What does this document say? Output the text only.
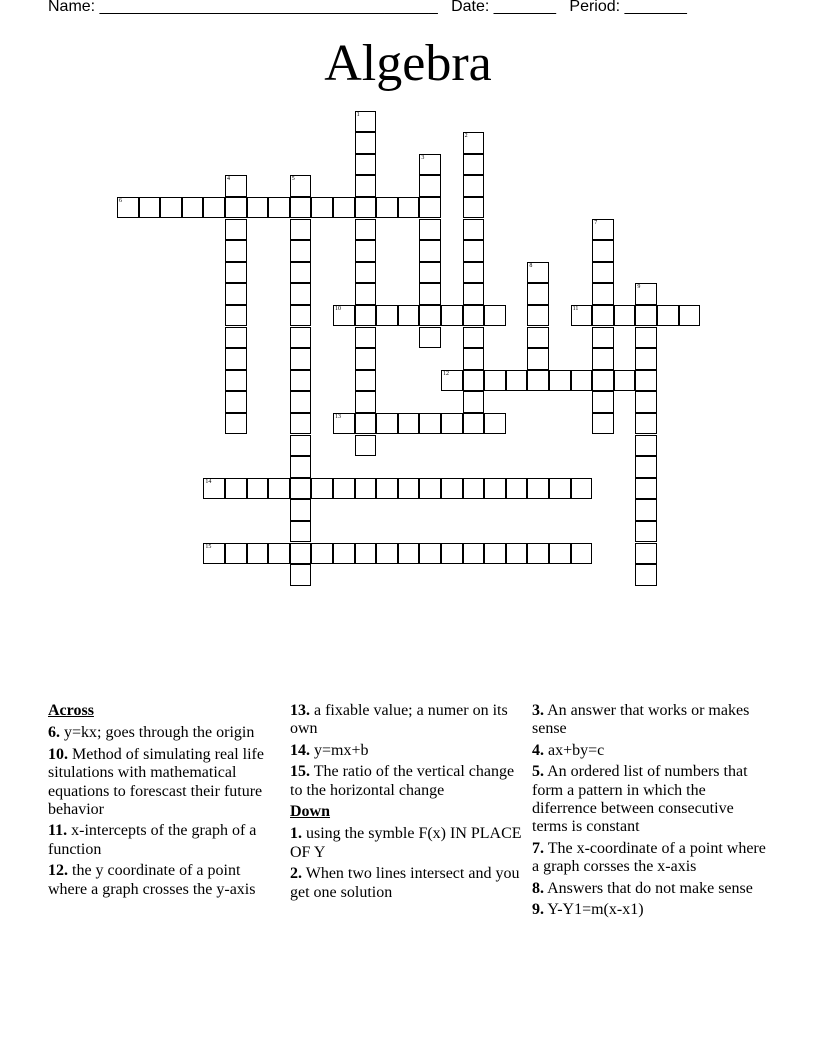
Name: ______________________________________ Date: _______ Period: _______
Algebra
1
2
3
4	5
6
7
8
9
10	11
12
13
14
15
Across
6. y=kx; goes through the origin
10. Method of simulating real life situlations with mathematical equations to forescast their future behavior
11. x-intercepts of the graph of a function
12. the y coordinate of a point where a graph crosses the y-axis
13. a fixable value; a numer on its own
14. y=mx+b
15. The ratio of the vertical change to the horizontal change
Down
1. using the symble F(x) IN PLACE OF Y
2. When two lines intersect and you get one solution
3. An answer that works or makes sense
4. ax+by=c
5. An ordered list of numbers that form a pattern in which the diferrence between consecutive terms is constant
7. The x-coordinate of a point where a graph corsses the x-axis
8. Answers that do not make sense
9. Y-Y1=m(x-x1)
